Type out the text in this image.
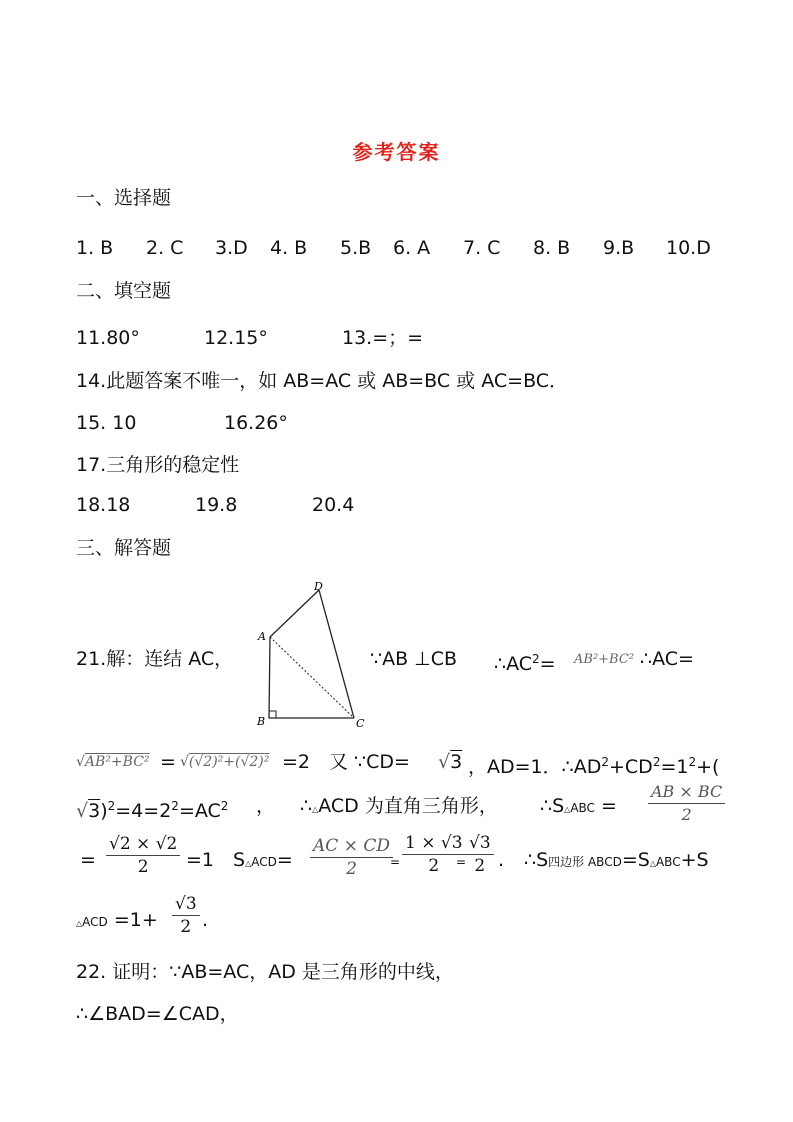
参考答案
一、选择题
1. B 2. C 3.D 4. B 5.B 6. A 7. C 8. B 9.B 10.D
二、填空题
11.80°	12.15°	13.=；=
14.此题答案不唯一，如 AB=AC 或 AB=BC 或 AC=BC．
15. 10	16.26°
17.三角形的稳定性
18.18	19.8	20.4
三、解答题
D
A
B	C
21.解：连结 AC，	∵AB ⊥CB $\therefore AC^2= AB^2+BC^2$ ∴AC=
√AB²+BC² = √(√2)²+(√2)² =2　又 ∵CD= √3 ，AD=1．$\therefore AD^2+CD^2=1^2+$(
$√3)^2=4=2^2=AC^2$ ， ∴△ACD 为直角三角形， ∴S△ABC = $\frac{AB \times BC}{2}$
= $\frac{√2 \times √2}{2} =1$ S△ACD= $\frac{AC \times CD}{2}$
= $\frac{1 \times √3}{2}$
= $\frac{√3}{2}$ . ∴S四边形 ABCD=S△ABC+S
△ACD $=1+ \frac{√3}{2}$ .
22. 证明：∵AB=AC，AD 是三角形的中线，
∴∠BAD=∠CAD，
